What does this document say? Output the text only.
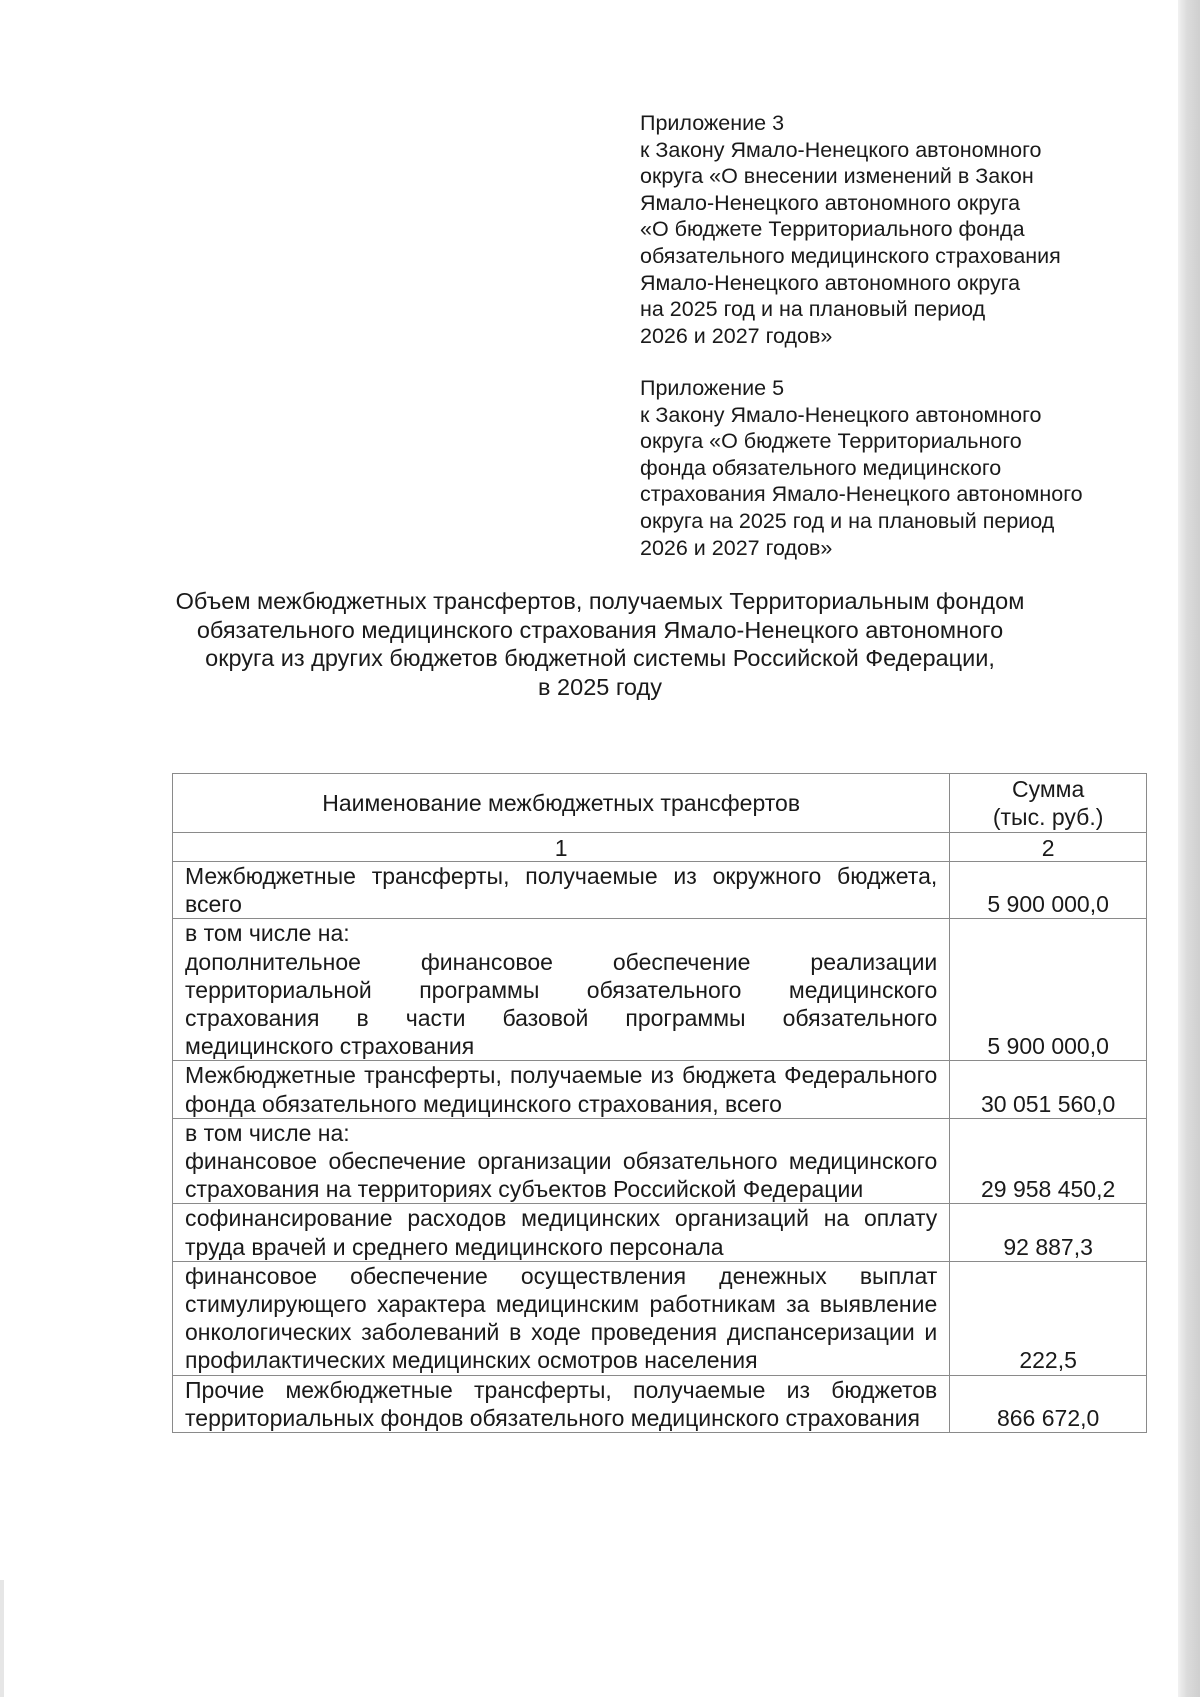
Приложение 3

к Закону Ямало-Ненецкого автономного

округа «О внесении изменений в Закон

Ямало-Ненецкого автономного округа

«О бюджете Территориального фонда

обязательного медицинского страхования

Ямало-Ненецкого автономного округа

на 2025 год и на плановый период

2026 и 2027 годов»

Приложение 5

к Закону Ямало-Ненецкого автономного

округа «О бюджете Территориального

фонда обязательного медицинского

страхования Ямало-Ненецкого автономного

округа на 2025 год и на плановый период

2026 и 2027 годов»

Объем межбюджетных трансфертов, получаемых Территориальным фондом

обязательного медицинского страхования Ямало-Ненецкого автономного

округа из других бюджетов бюджетной системы Российской Федерации,

в 2025 году

Наименование межбюджетных трансфертов	Сумма (тыс. руб.)

1	2

Межбюджетные трансферты, получаемые из окружного бюджета, всего	5 900 000,0

в том числе на:
дополнительное финансовое обеспечение реализации территориальной программы обязательного медицинского страхования в части базовой программы обязательного медицинского страхования	5 900 000,0

Межбюджетные трансферты, получаемые из бюджета Федерального фонда обязательного медицинского страхования, всего	30 051 560,0

в том числе на:
финансовое обеспечение организации обязательного медицинского страхования на территориях субъектов Российской Федерации	29 958 450,2

софинансирование расходов медицинских организаций на оплату труда врачей и среднего медицинского персонала	92 887,3

финансовое обеспечение осуществления денежных выплат стимулирующего характера медицинским работникам за выявление онкологических заболеваний в ходе проведения диспансеризации и профилактических медицинских осмотров населения	222,5

Прочие межбюджетные трансферты, получаемые из бюджетов территориальных фондов обязательного медицинского страхования	866 672,0
